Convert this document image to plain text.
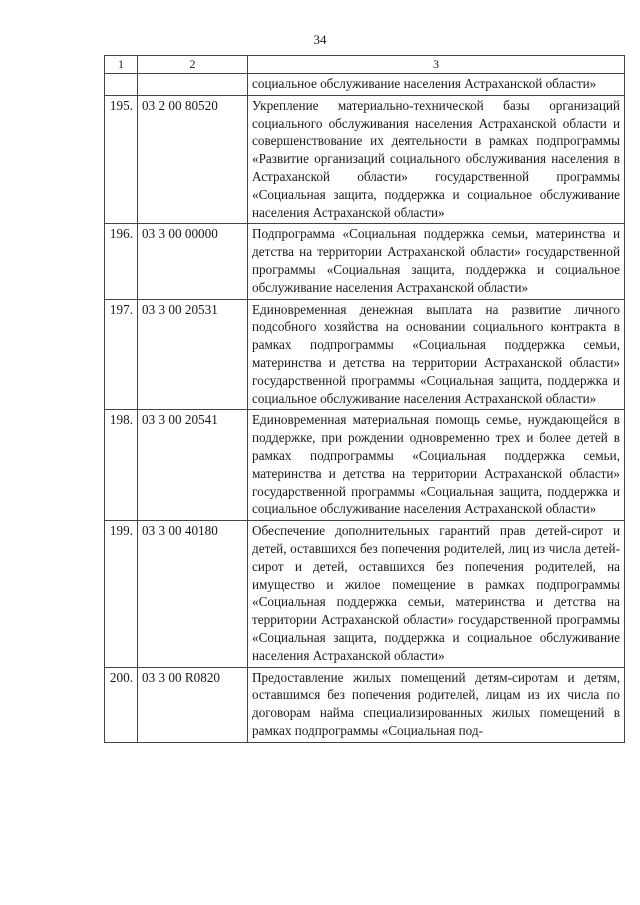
34
1	2	3
		социальное обслуживание населения Астраханской области»
195.	03 2 00 80520	Укрепление материально-технической базы организаций социального обслуживания населения Астраханской области и совершенствование их деятельности в рамках подпрограммы «Развитие организаций социального обслуживания населения в Астраханской области» государственной программы «Социальная защита, поддержка и социальное обслуживание населения Астраханской области»
196.	03 3 00 00000	Подпрограмма «Социальная поддержка семьи, материнства и детства на территории Астраханской области» государственной программы «Социальная защита, поддержка и социальное обслуживание населения Астраханской области»
197.	03 3 00 20531	Единовременная денежная выплата на развитие личного подсобного хозяйства на основании социального контракта в рамках подпрограммы «Социальная поддержка семьи, материнства и детства на территории Астраханской области» государственной программы «Социальная защита, поддержка и социальное обслуживание населения Астраханской области»
198.	03 3 00 20541	Единовременная материальная помощь семье, нуждающейся в поддержке, при рождении одновременно трех и более детей в рамках подпрограммы «Социальная поддержка семьи, материнства и детства на территории Астраханской области» государственной программы «Социальная защита, поддержка и социальное обслуживание населения Астраханской области»
199.	03 3 00 40180	Обеспечение дополнительных гарантий прав детей-сирот и детей, оставшихся без попечения родителей, лиц из числа детей-сирот и детей, оставшихся без попечения родителей, на имущество и жилое помещение в рамках подпрограммы «Социальная поддержка семьи, материнства и детства на территории Астраханской области» государственной программы «Социальная защита, поддержка и социальное обслуживание населения Астраханской области»
200.	03 3 00 R0820	Предоставление жилых помещений детям-сиротам и детям, оставшимся без попечения родителей, лицам из их числа по договорам найма специализированных жилых помещений в рамках подпрограммы «Социальная под-
